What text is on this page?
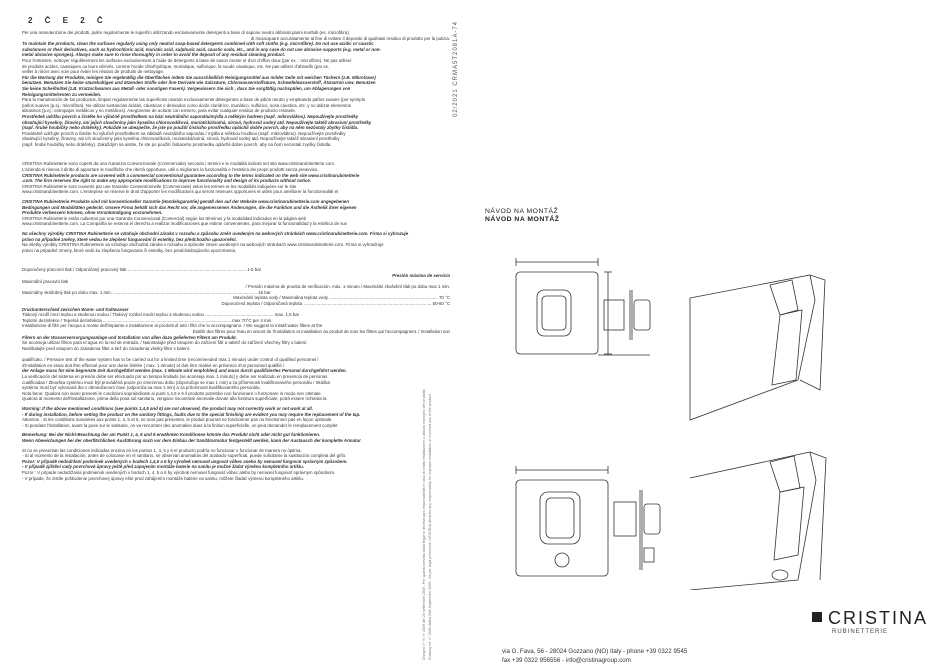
2 Č E 2 Č
Per una manutenzione dei prodotti, pulire regolarmente le superfici utilizzando esclusivamente detergenti a base di sapone neutro abbinati panni morbidi (es. microfibra).
di risciacquare accuratamente al fine di evitare il deposito di qualsiasi residuo di prodotto per la pulizia.
To maintain the products, clean the surfaces regularly using only neutral soap-based detergents combined with soft cloths (e.g. microfibre). Do not use acidic or caustic
substances or their derivatives, such as hydrochloric acid, muriatic acid, sulphuric acid, caustic soda, etc., and in any case do not use abrasive supports (e.g. metal or non-
metal abrasive sponges). Always make sure to rinse thoroughly in order to avoid the deposit of any residual cleaning product.
Pour l'entretien, nettoyer régulièrement les surfaces exclusivement à l'aide de détergents à base de savon neutre et d'un chiffon doux (par ex. : microfibre). Ne pas utiliser
de produits acides, caustiques ou leurs dérivés, comme l'acide chlorhydrique, muriatique, sulfurique, la soude caustique, etc. Ne pas utiliser d'abrasifs (par ex.
veiller à rincer avec soin pour éviter les résidus de produits de nettoyage.
Für die Wartung der Produkte, reinigen Sie regelmäßig die Oberflächen indem Sie ausschließlich Reinigungsmittel aus milder Seife mit weichen Tüchern (z.B. Mikrofaser)
benutzen. Benutzen Sie keine säurehaltigen und ätzenden Stoffe oder ihre Derivate wie Salzsäure, Chlorwasserstoffsäure, Schwefelwasserstoff, Ätznatron usw. Benutzen
Sie keine Scheifmittel (z.B. Kratzschwamm aus Metall- oder sonstigen Fasern). Vergewissern Sie sich , dass Sie sorgfältig nachspülen, um Ablagerungen von
Reinigungsmittelresten zu vermeiden.
Para la manutención de los productos, limpiar regularmente las superficies usando exclusivamente detergentes a base de jabón neutro y empleando paños suaves (por ejemplo
paños suaves (p.ej.: microfibra). No utilizar sustancias ácidas, cáusticas o derivados como ácido clorídrico, muriático, sulfúrico, sosa cáustica, etc. y no utilizar elementos
abrasivos (p.ej.: estropajos metálicos y no metálicos). Asegúrense de aclarar con esmero, para evitar cualquier residuo de producto restante.
Prostředek údržbu povrch a čistěte ho výlučně prostředkem na bázi neutrálního saponátu/mýdla a měkkým hadrem (např. mikrovlákno). Nepoužívejte prostředky
obsahující kyseliny, žíraviny, ani jejich sloučeniny jako kyselina chlorovodíková, muriatická/solná, sírová, hydroxid sodný atd. Nepoužívejte taktéž abrasivní prostředky
(např. hrubé houbičky nebo drátěnky). Pokaždé se ubezpečte, že jste po použití čisticího prostředku opláchli dobře povrch, aby na něm nezůstaly zbytky čistidla.
Pravidelně udržujte povrch a čistěte ho výlučně prostředkem na základě neutrálního saponátu / mýdla a měkkou hrudkou (např. mikrovlákno). Nepoužívejte prostředky
obsahující kyseliny, žíraviny, ani ich sloučeniny jako kyselina chlorovodíková, muriatická/solná, sírová, hydroxid sodný atd. Nepoužívejte taktéž abrasivní prostředky
(např. hrubé houbičky nebo drátěnky). Zakaždým sa uistite, že ste po použití čistiaceho prostriedku opláchli dobre povrch, aby na ňom nezostali zvyšky čistidla.
CRISTINA Rubinetterie sono coperti da una Garanzia Convenzionale (Commerciale) secondo i termini e le modalità indicati nel sito www.cristinarubinetterie.com.
L'azienda si riserva il diritto di apportare le modifiche che riterrà opportune, utili a migliorare la funzionalità e l'estetica dei propri prodotti senza preavviso.
CRISTINA Rubinetterie products are covered with a commercial conventional guarantee according to the terms indicated on the web site www.cristinarubinetterie
.com. The firm reserves the right to make any appropriate modifications to improve functionality and design of its products without notice.
CRISTINA Rubinetterie sont couverts par une Garantie Conventionnelle (Commerciale) selon les termes et les modalités indiquées sur le site
www.cristinarubinetterie.com. L'entreprise se réserve le droit d'apporter les modifications qui seront retenues opportunes et utiles pour améliorer la fonctionnalité et
CRISTINA Rubinetterie Produkte sind mit konventioneller Garantie (Handelsgarantie) gemäß den auf der Website www.cristinarubinetterie.com angegebenen
Bedingungen und Modalitäten gedeckt. Unsere Firma behält sich das Recht vor, die angemessenen Änderungen, die die Funktion und die Ästhetik ihrer eigenen
Produkte verbessern können, ohne Vorankündigung vorzunehmen.
CRISTINA Rubinetterie están cubiertos por una Garantía Convencional (Comercial) según los términos y la modalidad indicados en la página web
www.cristinarubinetterie.com. La Compañía se reserva el derecho a realizar modificaciones que estime convenientes, para mejorar la funcionalidad y la estética de sus
Na všechny výrobky CRISTINA Rubinetterie se vztahuje obchodní záruka v rozsahu a způsobu změn uvedeným na webových stránkách www.cristinarubinetterie.com. Firma si vyhrazuje
právo na případné změny, které vedou ke zlepšení funguování či estetiky, bez předchozího upozornění.
Na všetky výrobky CRISTINA Rubinetterie sa vzťahuje obchodná záruka v rozsahu a spôsobe zmien uvedeným na webových stránkach www.cristinarubinetterie.com. Firma si vyhradzuje
právo na prípadné zmeny, ktoré vedú ku zlepšeniu fungovania či estetiky, bez predchádzajúceho upozornenia.
Doporučený pracovní tlak / Odporúčaný pracovný tlak ................................................................................................. 1-5 bar
Presión máxima de servicio
Maximální pracovní tlak
/ Presión máxima de prueba de verificación, máx. 1 minuto / Maximální zkušební tlak po dobu max 1 min.
Maximálny skúšobný tlak po dobu max. 1 min. ...................................................................................................................... 16 bar
Maximální teplota vody / Maximálna teplota vody ......................................................................................... 70 °C
Doporučená teplota / Odporúčaná teplota ......................................................................................................... 50-60 °C
Druckunterschied zwischen Warm- und Kaltwasser
Tlakový rozdíl mezi teplou a studenou vodou / Tlakový rozdiel medzi teplou a studenou vodou ........................................................ max. 1,5 bar
Teplotní dezinfekce / Tepelná dezinfekcia ......................................................................................................... max 70°C per 4 min
Installazione di filtri per l'acqua a monte dell'impianto e installazione ai prodotti di tutti i filtri che lo accompagnano. / We suggest to install water filters at the
Établir des filtres pour l'eau en amont de l'installation et installation au produit de tous les filtres qui l'accompagnent. / Installation von
Filtern an der Wasserversorgungsanlage und Installation von allen dazu gelieferten Filtern am Produkt.
Se aconseja utilizar filtros para el agua en la red de entrada. / Nainstalujte před vstupem do zařízení filtr a taktéž do zařízení všechny filtry s balení.
Nainštalujte pred vstupom do zariadenia filter a tiež do zariadenia všetky filtre s balení.
qualificato. / Pressure test of the water system has to be carried out for a limited time (recommended max 1 minute) under control of qualified personnel /
d'installation en essai doit être effectué pour une durée limitée ( max. 1 minute) et doit être réalisé en présence d'un personnel qualifié /
der Anlage muss für eine begrenzte Zeit durchgeführt werden (max. 1 Minute wird empfohlen) und muss durch qualifiziertes Personal durchgeführt werden.
La verificación del sistema en presión debe ser efectuado por un tiempo limitado (se aconseja max. 1 minuto) y debe ser realizado en presencia de personas
cualificadas / Zkouška systému musí být prováděná pouze po omezenou dobu (doporučuje se max 1 min) a za přítomnosti kvalifikovaného personálu / Skúška
systému musí byť vykonaná iba v obmedzenom čase (odporúča sa max 1 min) a za prítomnosti kvalifikovaného personálu.
Nota bene: Qualora non siano presenti le condizioni sopraindicate ai punti 1,4,5 e 6 il prodotto potrebbe non funzionare o funzionare in modo non ottimale.
Qualora al momento dell'installazione, prima della posa sul sanitario, vengano riscontrate anomalie dovute alla fornitura superficiale, potrà essere richiesta la
Warning: If the above mentioned conditions (see points 1,4,5 and 6) are not observed, the product may not correctly work or not work at all.
- If during installation, before setting the product on the sanitary fittings, faults due to the special finishing are evident you may require the replacement of the tap.
Attention : Si les conditions susvisées aux points 1, 4, 5 et 6, ne sont pas présentes, le produit pourrait ne fonctionner pas ou fonctionner pas en façon optimale.
- Si pendant l'installation, avant la pose sur le sanitaire, on va rencontrer des anomalies dues à la finition superficielle, on peut demander le remplacement complet
Bemerkung: Bei der Nicht-Beachtung der am Punkt 1, 4, 5 und 6 erwähnten Konditionen könnte das Produkt nicht oder nicht gut funktionieren.
Wenn Abweichungen bei der oberflächlichen Ausführung nach vor dem Einbau der Sanitärarmatur festgestellt werden, kann der Austausch der komplette Armatur
Si no se presentan las condiciones indicadas encima en los puntos 1, 4, 5 y 6 el producto podría no funcionar o funcionar de manera no óptima.
- Si al momento de la instalación, antes de colocarse en el sanitario, se observan anomalías del acabado superficial, puede solicitarse la sustitución completa del grifo.
Pozor: V případě nedodržení podmínek uvedených v bodech 1,4,5 a 6 by výrobek nemusel ungovat vůbec anebo by nemusel fungovat správným způsobem.
- V případě zjištění vady povrchové úpravy ještě před zapojením montáže baterie na sanitu je možné žádat výměnu kompletního artiklu.
Pozor : V prípade nedodržania podmienok uvedených v bodoch 1, 4, 5 a 6 by výrobok nemusel fungovať vôbec alebo by nemusel fungovať správnym spôsobom.
- V prípade, že zistíte poškodenie povrchovej úpravy ešte pred zahájením montáže batérie na sanitu, môžete žiadať výmenu kompletného artiklu.
02/2021 CRMA5T2081A-74
Disegno n° rif. n° 2009 del 26 settembre 2009 - Per quanto previsto dalla legge si declina ogni responsabilità in caso di errata installazione o utilizzo improprio del prodotto Drawing ref. n° 2009 dated 26th September 2009 - As per legal provisions, CRISTINA declines any responsibility for improper installation or incorrect use of the product
NÁVOD NA MONTÁŽ
NÁVOD NA MONTÁŽ
CRISTINA
RUBINETTERIE
via G. Fava, 56 - 28024 Gozzano (NO) Italy - phone +39 0322 9545
fax +39 0322 956556 - info@cristinagroup.com
